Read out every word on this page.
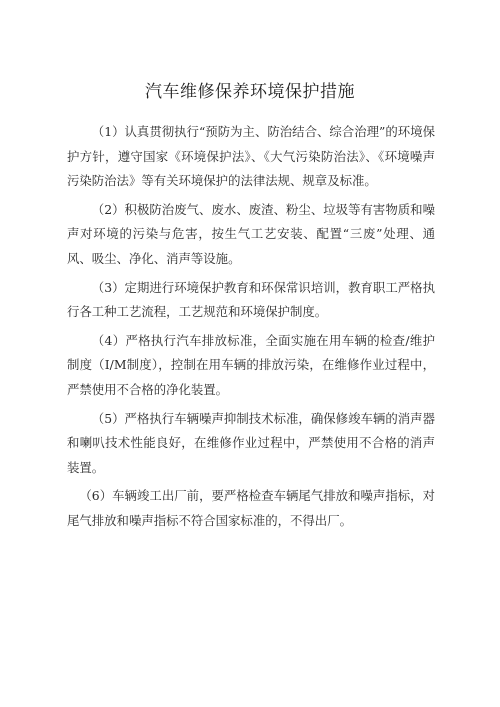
汽车维修保养环境保护措施

（1）认真贯彻执行“预防为主、防治结合、综合治理”的环境保护方针，遵守国家《环境保护法》、《大气污染防治法》、《环境噪声污染防治法》等有关环境保护的法律法规、规章及标准。

（2）积极防治废气、废水、废渣、粉尘、垃圾等有害物质和噪声对环境的污染与危害，按生气工艺安装、配置“三废”处理、通风、吸尘、净化、消声等设施。

（3）定期进行环境保护教育和环保常识培训，教育职工严格执行各工种工艺流程，工艺规范和环境保护制度。

（4）严格执行汽车排放标准，全面实施在用车辆的检查/维护制度（I/M制度），控制在用车辆的排放污染，在维修作业过程中，严禁使用不合格的净化装置。

（5）严格执行车辆噪声抑制技术标准，确保修竣车辆的消声器和喇叭技术性能良好，在维修作业过程中，严禁使用不合格的消声装置。

（6）车辆竣工出厂前，要严格检查车辆尾气排放和噪声指标，对尾气排放和噪声指标不符合国家标准的，不得出厂。
